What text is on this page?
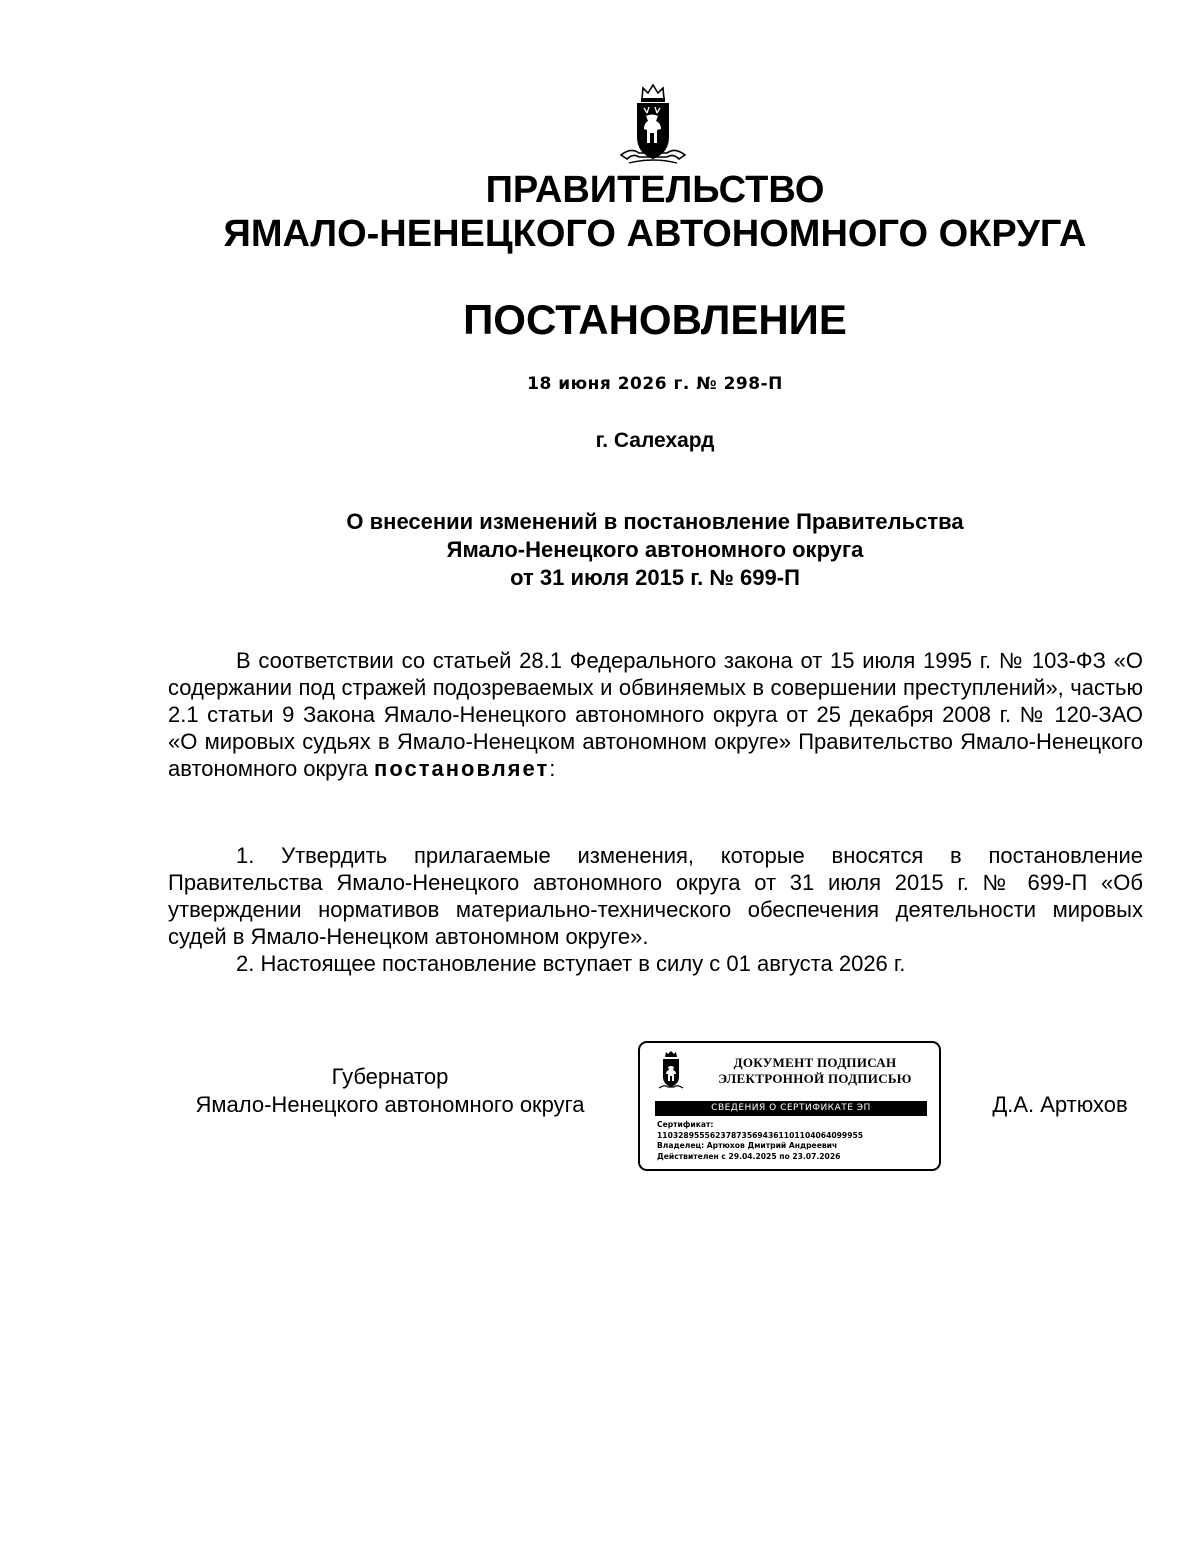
ПРАВИТЕЛЬСТВО
ЯМАЛО-НЕНЕЦКОГО АВТОНОМНОГО ОКРУГА
ПОСТАНОВЛЕНИЕ
18 июня 2026 г. № 298-П
г. Салехард
О внесении изменений в постановление Правительства
Ямало-Ненецкого автономного округа
от 31 июля 2015 г. № 699-П

В соответствии со статьей 28.1 Федерального закона от 15 июля 1995 г. № 103-ФЗ «О содержании под стражей подозреваемых и обвиняемых в совершении преступлений», частью 2.1 статьи 9 Закона Ямало-Ненецкого автономного округа от 25 декабря 2008 г. № 120-ЗАО «О мировых судьях в Ямало-Ненецком автономном округе» Правительство Ямало-Ненецкого автономного округа постановляет:

1. Утвердить прилагаемые изменения, которые вносятся в постановление Правительства Ямало-Ненецкого автономного округа от 31 июля 2015 г. № 699-П «Об утверждении нормативов материально-технического обеспечения деятельности мировых судей в Ямало-Ненецком автономном округе».

2. Настоящее постановление вступает в силу с 01 августа 2026 г.

Губернатор
Ямало-Ненецкого автономного округа
ДОКУМЕНТ ПОДПИСАН
ЭЛЕКТРОННОЙ ПОДПИСЬЮ
СВЕДЕНИЯ О СЕРТИФИКАТЕ ЭП
Сертификат:
110328955562378735694361101104064099955
Владелец: Артюхов Дмитрий Андреевич
Действителен с 29.04.2025 по 23.07.2026
Д.А. Артюхов
